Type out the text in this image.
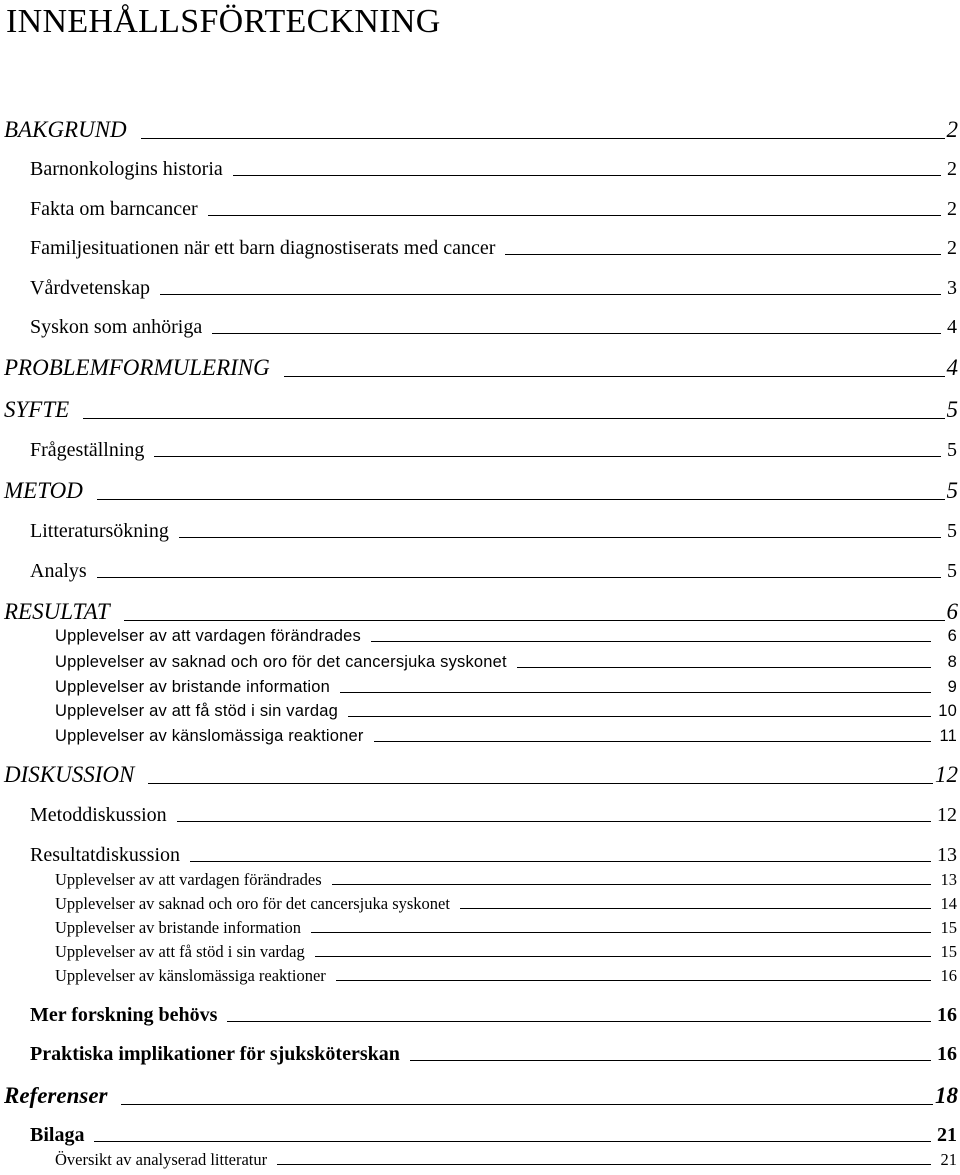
INNEHÅLLSFÖRTECKNING
BAKGRUND	2
Barnonkologins historia	2
Fakta om barncancer	2
Familjesituationen när ett barn diagnostiserats med cancer	2
Vårdvetenskap	3
Syskon som anhöriga	4
PROBLEMFORMULERING	4
SYFTE	5
Frågeställning	5
METOD	5
Litteratursökning	5
Analys	5
RESULTAT	6
Upplevelser av att vardagen förändrades	6
Upplevelser av saknad och oro för det cancersjuka syskonet	8
Upplevelser av bristande information	9
Upplevelser av att få stöd i sin vardag	10
Upplevelser av känslomässiga reaktioner	11
DISKUSSION	12
Metoddiskussion	12
Resultatdiskussion	13
Upplevelser av att vardagen förändrades	13
Upplevelser av saknad och oro för det cancersjuka syskonet	14
Upplevelser av bristande information	15
Upplevelser av att få stöd i sin vardag	15
Upplevelser av känslomässiga reaktioner	16
Mer forskning behövs	16
Praktiska implikationer för sjuksköterskan	16
Referenser	18
Bilaga	21
Översikt av analyserad litteratur	21
